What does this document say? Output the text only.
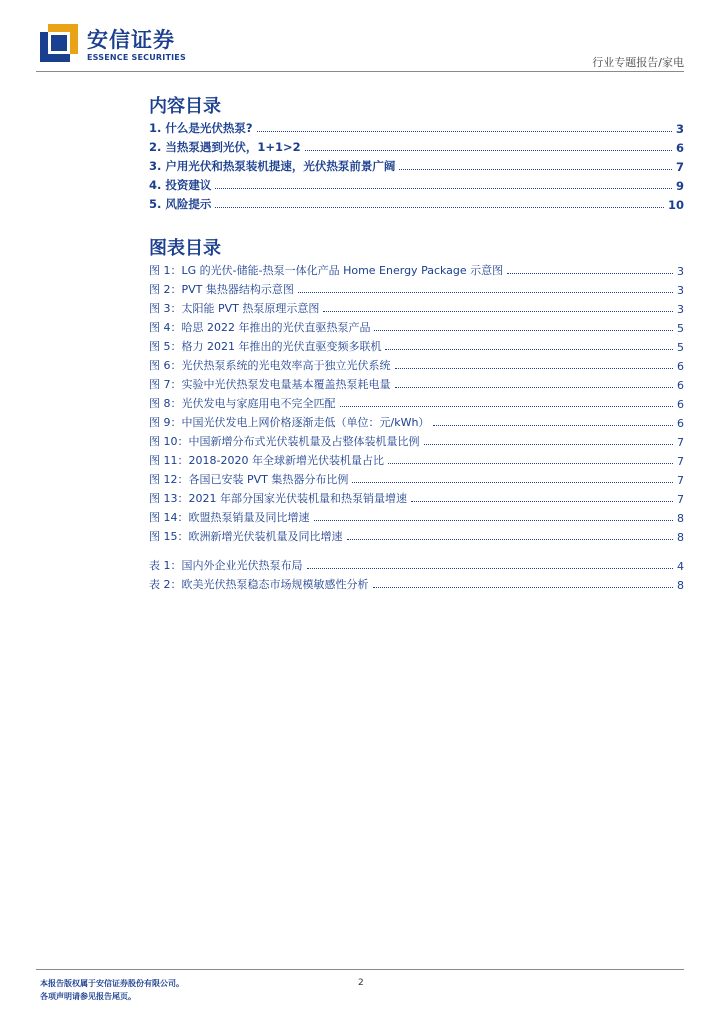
安信证券
ESSENCE SECURITIES	行业专题报告/家电
内容目录
1. 什么是光伏热泵?	3
2. 当热泵遇到光伏，1+1>2	6
3. 户用光伏和热泵装机提速，光伏热泵前景广阔	7
4. 投资建议	9
5. 风险提示	10
图表目录
图 1：LG 的光伏-储能-热泵一体化产品 Home Energy Package 示意图	3
图 2：PVT 集热器结构示意图	3
图 3：太阳能 PVT 热泵原理示意图	3
图 4：哈思 2022 年推出的光伏直驱热泵产品	5
图 5：格力 2021 年推出的光伏直驱变频多联机	5
图 6：光伏热泵系统的光电效率高于独立光伏系统	6
图 7：实验中光伏热泵发电量基本覆盖热泵耗电量	6
图 8：光伏发电与家庭用电不完全匹配	6
图 9：中国光伏发电上网价格逐渐走低（单位：元/kWh）	6
图 10：中国新增分布式光伏装机量及占整体装机量比例	7
图 11：2018-2020 年全球新增光伏装机量占比	7
图 12：各国已安装 PVT 集热器分布比例	7
图 13：2021 年部分国家光伏装机量和热泵销量增速	7
图 14：欧盟热泵销量及同比增速	8
图 15：欧洲新增光伏装机量及同比增速	8
表 1：国内外企业光伏热泵布局	4
表 2：欧美光伏热泵稳态市场规模敏感性分析	8
本报告版权属于安信证券股份有限公司。
各项声明请参见报告尾页。
2
